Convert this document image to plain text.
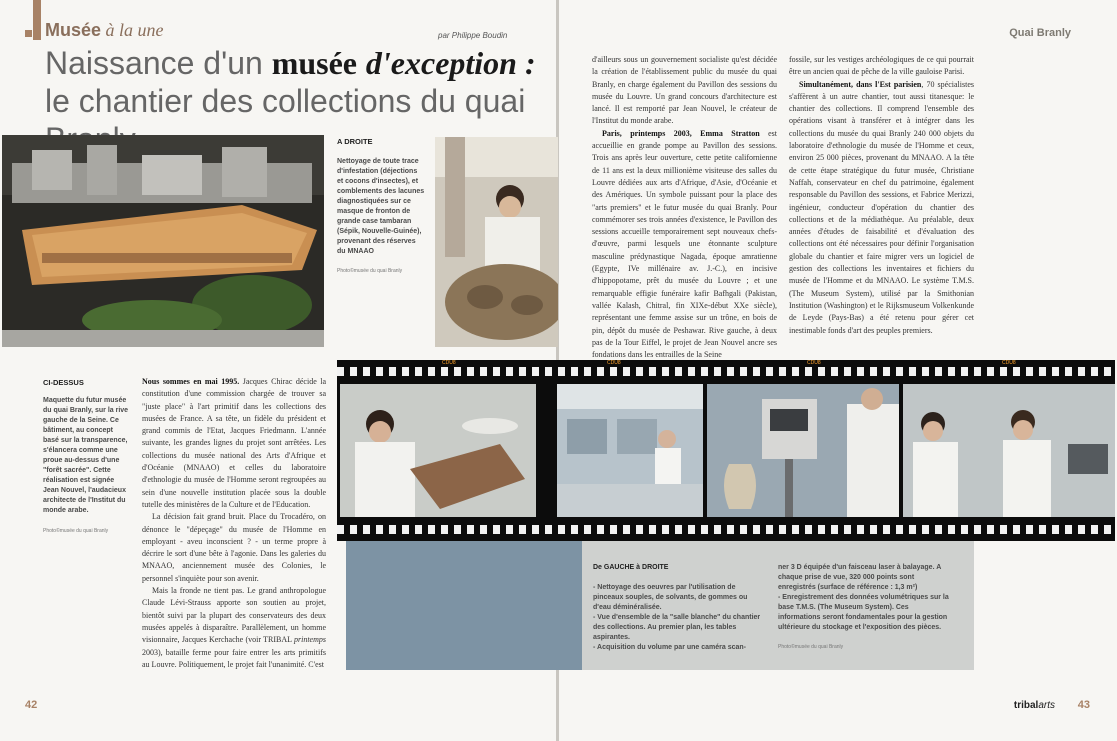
Musée à la une	par Philippe Boudin	Quai Branly
Naissance d'un musée d'exception :
le chantier des collections du quai
A DROITE
Nettoyage de toute trace d'infestation (déjections et cocons d'insectes), et comblements des lacunes diagnostiquées sur ce masque de fronton de grande case tambaran (Sépik, Nouvelle-Guinée), provenant des réserves du MNAAO
Photo©musée du quai Branly
CI-DESSUS
Maquette du futur musée du quai Branly, sur la rive gauche de la Seine. Ce bâtiment, au concept basé sur la transparence, s'élancera comme une proue au-dessus d'une "forêt sacrée". Cette réalisation est signée Jean Nouvel, l'audacieux architecte de l'Institut du monde arabe.
Photo©musée du quai Branly

Nous sommes en mai 1995. Jacques Chirac décide la constitution d'une commission chargée de trouver sa "juste place" à l'art primitif dans les collections des musées de France. A sa tête, un fidèle du président et grand commis de l'Etat, Jacques Friedmann. L'année suivante, les grandes lignes du projet sont arrêtées. Les collections du musée national des Arts d'Afrique et d'Océanie (MNAAO) et celles du laboratoire d'ethnologie du musée de l'Homme seront regroupées au sein d'une nouvelle institution placée sous la double tutelle des ministères de la Culture et de l'Education.

La décision fait grand bruit. Place du Trocadéro, on dénonce le "dépeçage" du musée de l'Homme en employant - aveu inconscient ? - un terme propre à décrire le sort d'une bête à l'agonie. Dans les galeries du MNAAO, anciennement musée des Colonies, le personnel s'inquiète pour son avenir.

Mais la fronde ne tient pas. Le grand anthropologue Claude Lévi-Strauss apporte son soutien au projet, bientôt suivi par la plupart des conservateurs des deux musées appelés à disparaître. Parallèlement, un homme visionnaire, Jacques Kerchache (voir TRIBAL printemps 2003), bataille ferme pour faire entrer les arts primitifs au Louvre. Politiquement, le projet fait l'unanimité. C'est

d'ailleurs sous un gouvernement socialiste qu'est décidée la création de l'établissement public du musée du quai Branly, en charge également du Pavillon des sessions du musée du Louvre. Un grand concours d'architecture est lancé. Il est remporté par Jean Nouvel, le créateur de l'Institut du monde arabe.

Paris, printemps 2003, Emma Stratton est accueillie en grande pompe au Pavillon des sessions. Trois ans après leur ouverture, cette petite californienne de 11 ans est la deux millionième visiteuse des salles du Louvre dédiées aux arts d'Afrique, d'Asie, d'Océanie et des Amériques. Un symbole puissant pour la place des "arts premiers" et le futur musée du quai Branly. Pour commémorer ses trois années d'existence, le Pavillon des sessions accueille temporairement sept nouveaux chefs-d'œuvre, parmi lesquels une étonnante sculpture masculine prédynastique Nagada, époque amratienne (Egypte, IVe millénaire av. J.-C.), en incisive d'hippopotame, prêt du musée du Louvre ; et une remarquable effigie funéraire kafir Bafhgali (Pakistan, vallée Kalash, Chitral, fin XIXe-début XXe siècle), représentant une femme assise sur un trône, en bois de pin, dépôt du musée de Peshawar. Rive gauche, à deux pas de la Tour Eiffel, le projet de Jean Nouvel ancre ses fondations dans les entrailles de la Seine

fossile, sur les vestiges archéologiques de ce qui pourrait être un ancien quai de pêche de la ville gauloise Parisi.

Simultanément, dans l'Est parisien, 70 spécialistes s'affèrent à un autre chantier, tout aussi titanesque: le chantier des collections. Il comprend l'ensemble des opérations visant à transférer et à intégrer dans les collections du musée du quai Branly 240 000 objets du laboratoire d'ethnologie du musée de l'Homme et ceux, environ 25 000 pièces, provenant du MNAAO. A la tête de cette étape stratégique du futur musée, Christiane Naffah, conservateur en chef du patrimoine, également responsable du Pavillon des sessions, et Fabrice Merizzi, ingénieur, conducteur d'opération du chantier des collections et de la médiathèque. Au préalable, deux années d'études de faisabilité et d'évaluation des collections ont été nécessaires pour définir l'organisation globale du chantier et faire migrer vers un logiciel de gestion des collections les inventaires et fichiers du musée de l'Homme et du MNAAO. Le système T.M.S. (The Museum System), utilisé par la Smithonian Institution (Washington) et le Rijksmuseum Volkenkunde de Leyde (Pays-Bas) a été retenu pour gérer cet inestimable fonds d'art des peuples premiers.

De GAUCHE à DROITE
- Nettoyage des oeuvres par l'utilisation de pinceaux souples, de solvants, de gommes ou d'eau déminéralisée.
- Vue d'ensemble de la "salle blanche" du chantier des collections. Au premier plan, les tables aspirantes.
- Acquisition du volume par une caméra scan-
ner 3 D équipée d'un faisceau laser à balayage. A chaque prise de vue, 320 000 points sont enregistrés (surface de référence : 1,3 m²)
- Enregistrement des données volumétriques sur la base T.M.S. (The Museum System). Ces informations seront fondamentales pour la gestion ultérieure du stockage et l'exposition des pièces.
Photo©musée du quai Branly
CDU8	CDU8	CDU8	CDU8
42	tribalarts 43
